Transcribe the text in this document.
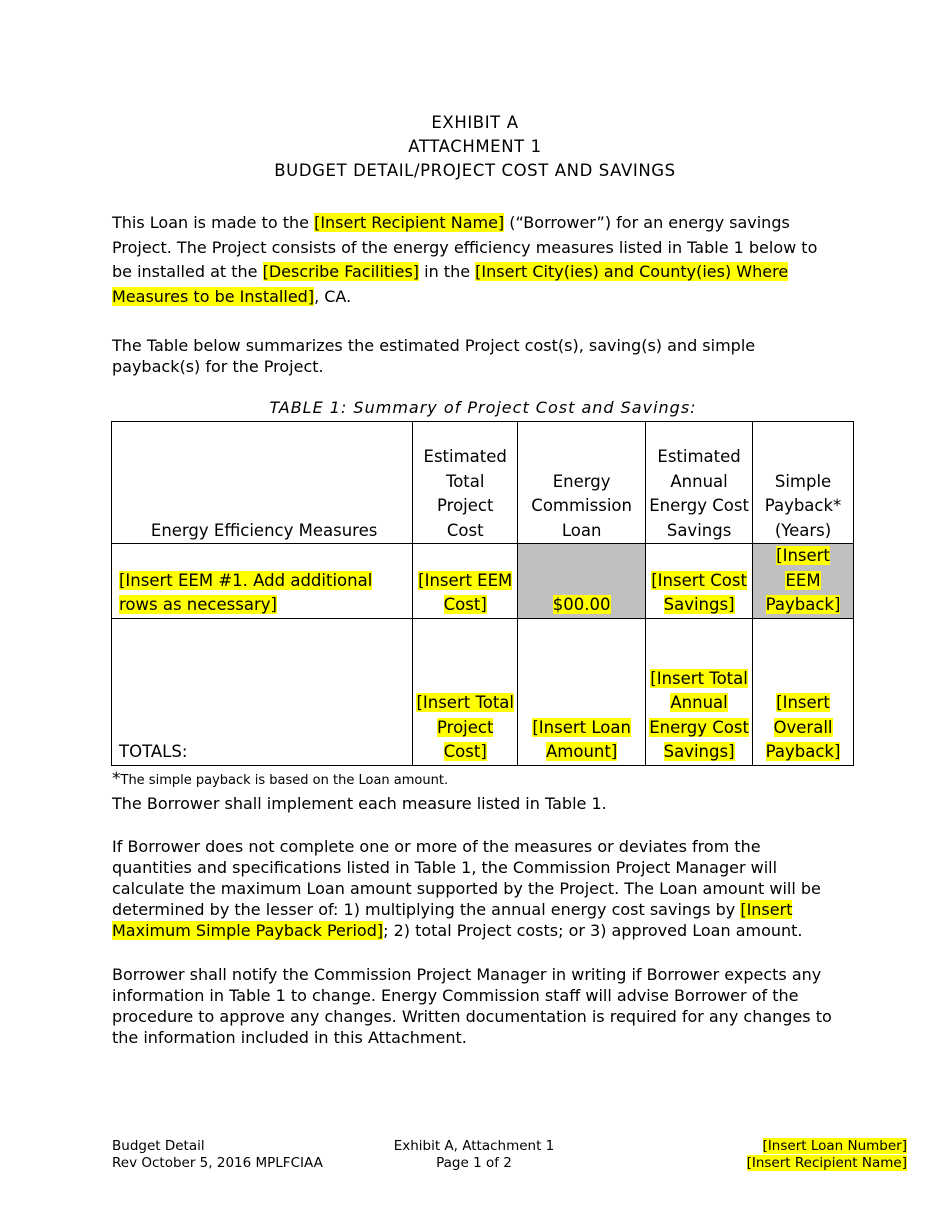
EXHIBIT A
ATTACHMENT 1
BUDGET DETAIL/PROJECT COST AND SAVINGS
This Loan is made to the [Insert Recipient Name] (“Borrower”) for an energy savings Project. The Project consists of the energy efficiency measures listed in Table 1 below to be installed at the [Describe Facilities] in the [Insert City(ies) and County(ies) Where Measures to be Installed], CA.
The Table below summarizes the estimated Project cost(s), saving(s) and simple payback(s) for the Project.
TABLE 1: Summary of Project Cost and Savings:
Energy Efficiency Measures	Estimated Total Project Cost	Energy Commission Loan	Estimated Annual Energy Cost Savings	Simple Payback* (Years)
[Insert EEM #1. Add additional rows as necessary]	[Insert EEM Cost]	$00.00	[Insert Cost Savings]	[Insert EEM Payback]
TOTALS:	[Insert Total Project Cost]	[Insert Loan Amount]	[Insert Total Annual Energy Cost Savings]	[Insert Overall Payback]
*The simple payback is based on the Loan amount.
The Borrower shall implement each measure listed in Table 1.
If Borrower does not complete one or more of the measures or deviates from the quantities and specifications listed in Table 1, the Commission Project Manager will calculate the maximum Loan amount supported by the Project. The Loan amount will be determined by the lesser of: 1) multiplying the annual energy cost savings by [Insert Maximum Simple Payback Period]; 2) total Project costs; or 3) approved Loan amount.
Borrower shall notify the Commission Project Manager in writing if Borrower expects any information in Table 1 to change. Energy Commission staff will advise Borrower of the procedure to approve any changes. Written documentation is required for any changes to the information included in this Attachment.
Budget Detail
Rev October 5, 2016 MPLFCIAA
Exhibit A, Attachment 1
Page 1 of 2
[Insert Loan Number]
[Insert Recipient Name]
